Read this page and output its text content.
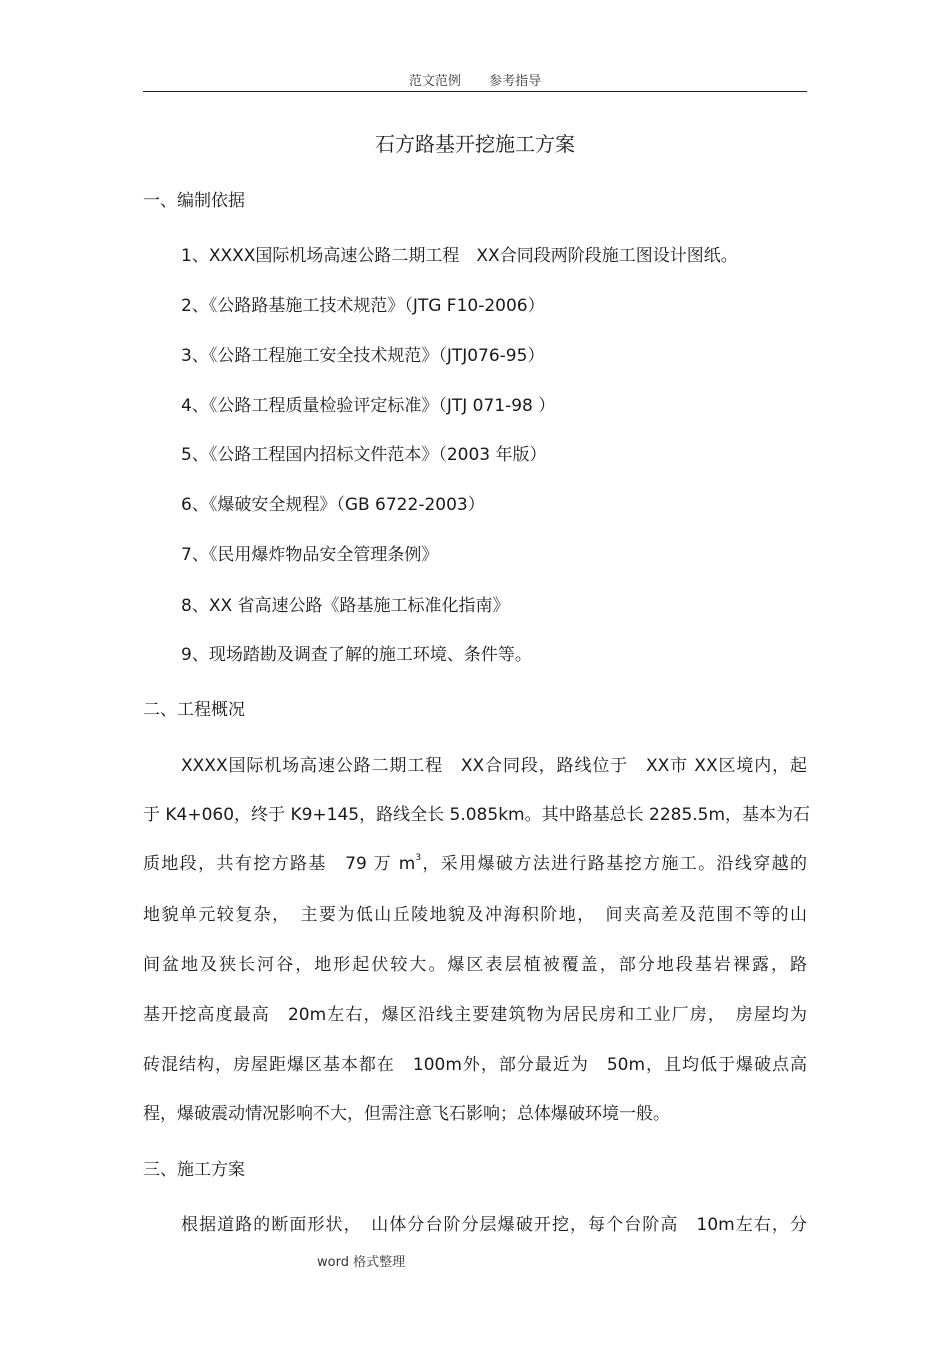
范文范例 参考指导
石方路基开挖施工方案
一、编制依据
1、XXXX国际机场高速公路二期工程　XX合同段两阶段施工图设计图纸。
2、《公路路基施工技术规范》（JTG F10-2006）
3、《公路工程施工安全技术规范》（JTJ076-95）
4、《公路工程质量检验评定标准》（JTJ 071-98 ）
5、《公路工程国内招标文件范本》（2003 年版）
6、《爆破安全规程》（GB 6722-2003）
7、《民用爆炸物品安全管理条例》
8、XX 省高速公路《路基施工标准化指南》
9、现场踏勘及调查了解的施工环境、条件等。
二、工程概况
XXXX国际机场高速公路二期工程　XX合同段，路线位于　XX市 XX区境内，起
于 K4+060，终于 K9+145，路线全长 5.085km。其中路基总长 2285.5m，基本为石
质地段，共有挖方路基　79 万 $m^3$，采用爆破方法进行路基挖方施工。沿线穿越的
地貌单元较复杂，　主要为低山丘陵地貌及冲海积阶地，　间夹高差及范围不等的山
间盆地及狭长河谷，地形起伏较大。爆区表层植被覆盖，部分地段基岩裸露，路
基开挖高度最高　20m左右，爆区沿线主要建筑物为居民房和工业厂房，　房屋均为
砖混结构，房屋距爆区基本都在　100m外，部分最近为　50m，且均低于爆破点高
程，爆破震动情况影响不大，但需注意飞石影响；总体爆破环境一般。
三、施工方案
根据道路的断面形状，　山体分台阶分层爆破开挖，每个台阶高　10m左右，分
word 格式整理
